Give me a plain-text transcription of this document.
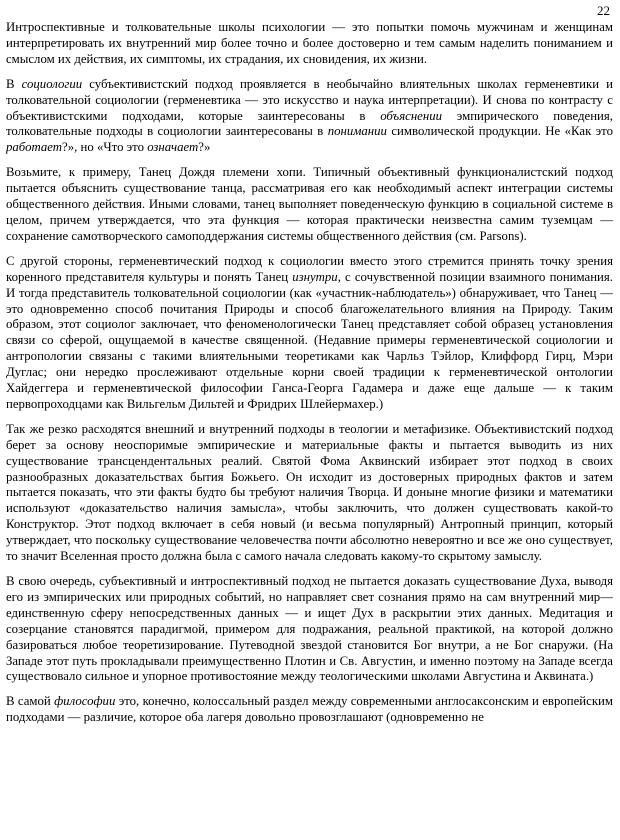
22

Интроспективные и толковательные школы психологии — это попытки помочь мужчинам и женщинам интерпретировать их внутренний мир более точно и более достоверно и тем самым наделить пониманием и смыслом их действия, их симптомы, их страдания, их сновидения, их жизни.

В социологии субъективистский подход проявляется в необычайно влиятельных школах герменевтики и толковательной социологии (герменевтика — это искусство и наука интерпретации). И снова по контрасту с объективистскими подходами, которые заинтересованы в объяснении эмпирического поведения, толковательные подходы в социологии заинтересованы в понимании символической продукции. Не «Как это работает?», но «Что это означает?»

Возьмите, к примеру, Танец Дождя племени хопи. Типичный объективный функционалистский подход пытается объяснить существование танца, рассматривая его как необходимый аспект интеграции системы общественного действия. Иными словами, танец выполняет поведенческую функцию в социальной системе в целом, причем утверждается, что эта функция — которая практически неизвестна самим туземцам — сохранение самотворческого самоподдержания системы общественного действия (см. Parsons).

С другой стороны, герменевтический подход к социологии вместо этого стремится принять точку зрения коренного представителя культуры и понять Танец изнутри, с сочувственной позиции взаимного понимания. И тогда представитель толковательной социологии (как «участник-наблюдатель») обнаруживает, что Танец — это одновременно способ почитания Природы и способ благожелательного влияния на Природу. Таким образом, этот социолог заключает, что феноменологически Танец представляет собой образец установления связи со сферой, ощущаемой в качестве священной. (Недавние примеры герменевтической социологии и антропологии связаны с такими влиятельными теоретиками как Чарльз Тэйлор, Клиффорд Гирц, Мэри Дуглас; они нередко прослеживают отдельные корни своей традиции к герменевтической онтологии Хайдеггера и герменевтической философии Ганса-Георга Гадамера и даже еще дальше — к таким первопроходцами как Вильгельм Дильтей и Фридрих Шлейермахер.)

Так же резко расходятся внешний и внутренний подходы в теологии и метафизике. Объективистский подход берет за основу неоспоримые эмпирические и материальные факты и пытается выводить из них существование трансцендентальных реалий. Святой Фома Аквинский избирает этот подход в своих разнообразных доказательствах бытия Божьего. Он исходит из достоверных природных фактов и затем пытается показать, что эти факты будто бы требуют наличия Творца. И доныне многие физики и математики используют «доказательство наличия замысла», чтобы заключить, что должен существовать какой-то Конструктор. Этот подход включает в себя новый (и весьма популярный) Антропный принцип, который утверждает, что поскольку существование человечества почти абсолютно невероятно и все же оно существует, то значит Вселенная просто должна была с самого начала следовать какому-то скрытому замыслу.

В свою очередь, субъективный и интроспективный подход не пытается доказать существование Духа, выводя его из эмпирических или природных событий, но направляет свет сознания прямо на сам внутренний мир— единственную сферу непосредственных данных — и ищет Дух в раскрытии этих данных. Медитация и созерцание становятся парадигмой, примером для подражания, реальной практикой, на которой должно базироваться любое теоретизирование. Путеводной звездой становится Бог внутри, а не Бог снаружи. (На Западе этот путь прокладывали преимущественно Плотин и Св. Августин, и именно поэтому на Западе всегда существовало сильное и упорное противостояние между теологическими школами Августина и Аквината.)

В самой философии это, конечно, колоссальный раздел между современными англосаксонским и европейским подходами — различие, которое оба лагеря довольно провозглашают (одновременно не
